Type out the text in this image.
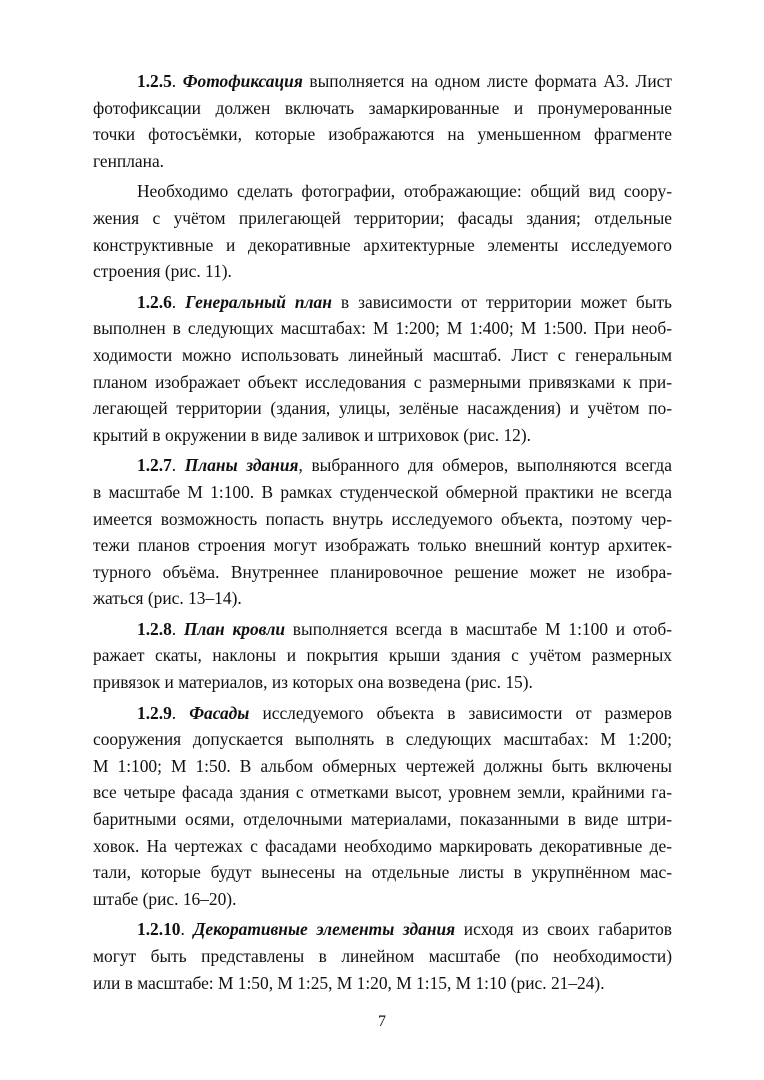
1.2.5. Фотофиксация выполняется на одном листе формата А3. Лист
фотофиксации должен включать замаркированные и пронумерованные
точки фотосъёмки, которые изображаются на уменьшенном фрагменте
генплана.
Необходимо сделать фотографии, отображающие: общий вид соору-
жения с учётом прилегающей территории; фасады здания; отдельные
конструктивные и декоративные архитектурные элементы исследуемого
строения (рис. 11).
1.2.6. Генеральный план в зависимости от территории может быть
выполнен в следующих масштабах: М 1:200; М 1:400; М 1:500. При необ-
ходимости можно использовать линейный масштаб. Лист с генеральным
планом изображает объект исследования с размерными привязками к при-
легающей территории (здания, улицы, зелёные насаждения) и учётом по-
крытий в окружении в виде заливок и штриховок (рис. 12).
1.2.7. Планы здания, выбранного для обмеров, выполняются всегда
в масштабе М 1:100. В рамках студенческой обмерной практики не всегда
имеется возможность попасть внутрь исследуемого объекта, поэтому чер-
тежи планов строения могут изображать только внешний контур архитек-
турного объёма. Внутреннее планировочное решение может не изобра-
жаться (рис. 13–14).
1.2.8. План кровли выполняется всегда в масштабе М 1:100 и отоб-
ражает скаты, наклоны и покрытия крыши здания с учётом размерных
привязок и материалов, из которых она возведена (рис. 15).
1.2.9. Фасады исследуемого объекта в зависимости от размеров
сооружения допускается выполнять в следующих масштабах: М 1:200;
М 1:100; М 1:50. В альбом обмерных чертежей должны быть включены
все четыре фасада здания с отметками высот, уровнем земли, крайними га-
баритными осями, отделочными материалами, показанными в виде штри-
ховок. На чертежах с фасадами необходимо маркировать декоративные де-
тали, которые будут вынесены на отдельные листы в укрупнённом мас-
штабе (рис. 16–20).
1.2.10. Декоративные элементы здания исходя из своих габаритов
могут быть представлены в линейном масштабе (по необходимости)
или в масштабе: М 1:50, М 1:25, М 1:20, М 1:15, М 1:10 (рис. 21–24).
7
